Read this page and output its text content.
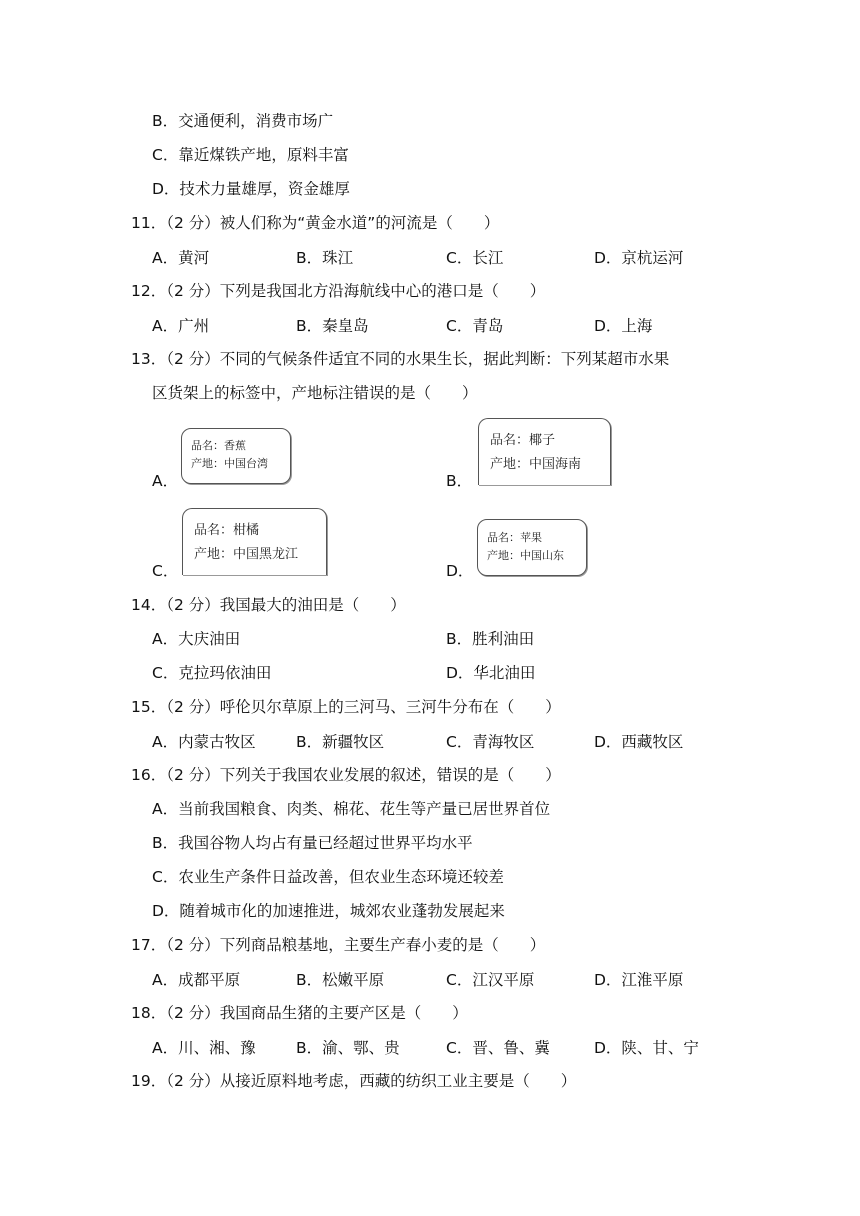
B．交通便利，消费市场广
C．靠近煤铁产地，原料丰富
D．技术力量雄厚，资金雄厚
11．（2 分）被人们称为“黄金水道”的河流是（　　）
A．黄河	B．珠江	C．长江	D．京杭运河
12．（2 分）下列是我国北方沿海航线中心的港口是（　　）
A．广州	B．秦皇岛	C．青岛	D．上海
13．（2 分）不同的气候条件适宜不同的水果生长，据此判断：下列某超市水果
区货架上的标签中，产地标注错误的是（　　）
A．
品名：香蕉
产地：中国台湾
B．
品名：椰子
产地：中国海南
C．
品名：柑橘
产地：中国黑龙江
D．
品名：苹果
产地：中国山东
14．（2 分）我国最大的油田是（　　）
A．大庆油田	B．胜利油田
C．克拉玛依油田	D．华北油田
15．（2 分）呼伦贝尔草原上的三河马、三河牛分布在（　　）
A．内蒙古牧区	B．新疆牧区	C．青海牧区	D．西藏牧区
16．（2 分）下列关于我国农业发展的叙述，错误的是（　　）
A．当前我国粮食、肉类、棉花、花生等产量已居世界首位
B．我国谷物人均占有量已经超过世界平均水平
C．农业生产条件日益改善，但农业生态环境还较差
D．随着城市化的加速推进，城郊农业蓬勃发展起来
17．（2 分）下列商品粮基地，主要生产春小麦的是（　　）
A．成都平原	B．松嫩平原	C．江汉平原	D．江淮平原
18．（2 分）我国商品生猪的主要产区是（　　）
A．川、湘、豫	B．渝、鄂、贵	C．晋、鲁、冀	D．陕、甘、宁
19．（2 分）从接近原料地考虑，西藏的纺织工业主要是（　　）
